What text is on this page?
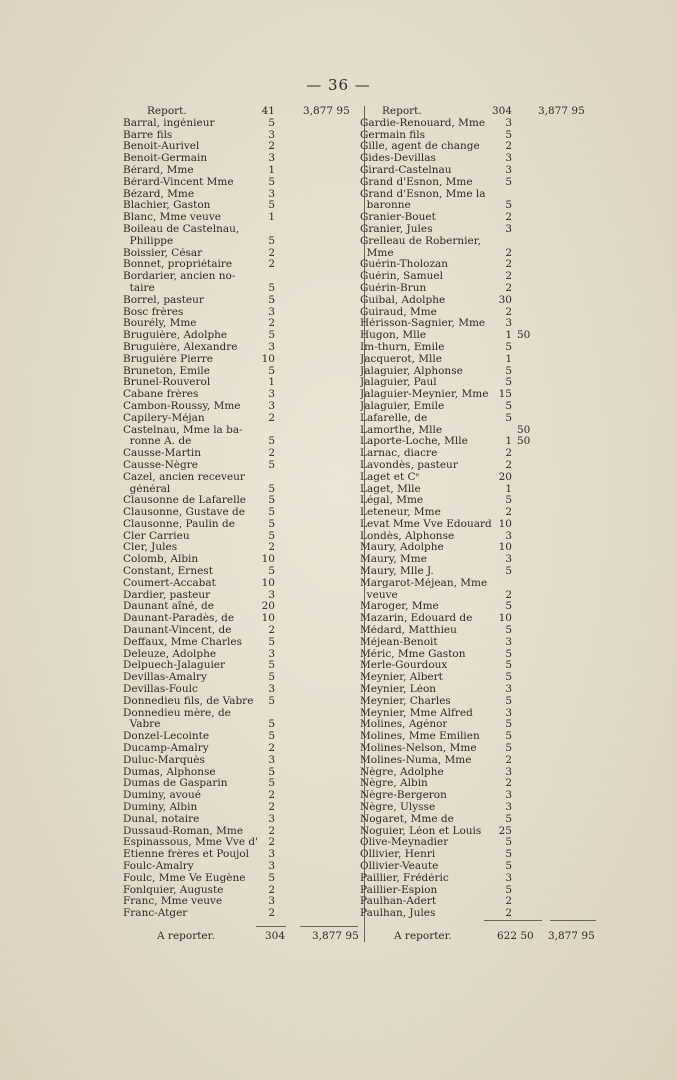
— 36 —
Report.	41	3,877 95
Barral, ingénieur	5
Barre fils	3
Benoit-Aurivel	2
Benoit-Germain	3
Bérard, Mme	1
Bérard-Vincent Mme	5
Bézard, Mme	3
Blachier, Gaston	5
Blanc, Mme veuve	1
Boileau de Castelnau,
Philippe	5
Boissier, César	2
Bonnet, propriétaire	2
Bordarier, ancien no-
taire	5
Borrel, pasteur	5
Bosc frères	3
Bourély, Mme	2
Bruguière, Adolphe	5
Bruguière, Alexandre	3
Bruguière Pierre	10
Bruneton, Emile	5
Brunel-Rouverol	1
Cabane frères	3
Cambon-Roussy, Mme	3
Capilery-Méjan	2
Castelnau, Mme la ba-
ronne A. de	5
Causse-Martin	2
Causse-Nègre	5
Cazel, ancien receveur
général	5
Clausonne de Lafarelle	5
Clausonne, Gustave de	5
Clausonne, Paulin de	5
Cler Carrieu	5
Cler, Jules	2
Colomb, Albin	10
Constant, Ernest	5
Coumert-Accabat	10
Dardier, pasteur	3
Daunant aîné, de	20
Daunant-Paradès, de	10
Daunant-Vincent, de	2
Deffaux, Mme Charles	5
Deleuze, Adolphe	3
Delpuech-Jalaguier	5
Devillas-Amalry	5
Devillas-Foulc	3
Donnedieu fils, de Vabre	5
Donnedieu mère, de
Vabre	5
Donzel-Lecointe	5
Ducamp-Amalry	2
Duluc-Marquès	3
Dumas, Alphonse	5
Dumas de Gasparin	5
Duminy, avoué	2
Duminy, Albin	2
Dunal, notaire	3
Dussaud-Roman, Mme	2
Espinassous, Mme Vve d' 2
Etienne frères et Poujol	3
Foulc-Amalry	3
Foulc, Mme Ve Eugène	5
Fonlquier, Auguste	2
Franc, Mme veuve	3
Franc-Atger	2
Report.	304 3,877 95
Gardie-Renouard, Mme 3
Germain fils	5
Gille, agent de change 2
Gides-Devillas	3
Girard-Castelnau	3
Grand d'Esnon, Mme	5
Grand d'Esnon, Mme la
baronne	5
Granier-Bouet	2
Granier, Jules	3
Grelleau de Robernier,
Mme	2
Guérin-Tholozan	2
Guérin, Samuel	2
Guérin-Brun	2
Guibal, Adolphe	30
Guiraud, Mme	2
Hérisson-Sagnier, Mme 3
Hugon, Mlle	1 50
Im-thurn, Emile	5
Jacquerot, Mlle	1
Jalaguier, Alphonse	5
Jalaguier, Paul	5
Jalaguier-Meynier, Mme 15
Jalaguier, Emile	5
Lafarelle, de	5
Lamorthe, Mlle	50
Laporte-Loche, Mlle	1 50
Larnac, diacre	2
Lavondès, pasteur	2
Laget et Cᵉ	20
Laget, Mlle	1
Légal, Mme	5
Leteneur, Mme	2
Levat Mme Vve Edouard 10
Londès, Alphonse	3
Maury, Adolphe	10
Maury, Mme	3
Maury, Mlle J.	5
Margarot-Méjean, Mme
veuve	2
Maroger, Mme	5
Mazarin, Edouard de	10
Médard, Matthieu	5
Méjean-Benoit	3
Méric, Mme Gaston	5
Merle-Gourdoux	5
Meynier, Albert	5
Meynier, Léon	3
Meynier, Charles	5
Meynier, Mme Alfred	3
Molines, Agénor	5
Molines, Mme Emilien 5
Molines-Nelson, Mme	5
Molines-Numa, Mme	2
Nègre, Adolphe	3
Nègre, Albin	2
Nègre-Bergeron	3
Nègre, Ulysse	3
Nogaret, Mme de	5
Noguier, Léon et Louis 25
Olive-Meynadier	5
Ollivier, Henri	5
Ollivier-Veaute	5
Paillier, Frédéric	3
Paillier-Espion	5
Paulhan-Adert	2
Paulhan, Jules	2
A reporter.	304	3,877 95	A reporter.	622 50 3,877 95
